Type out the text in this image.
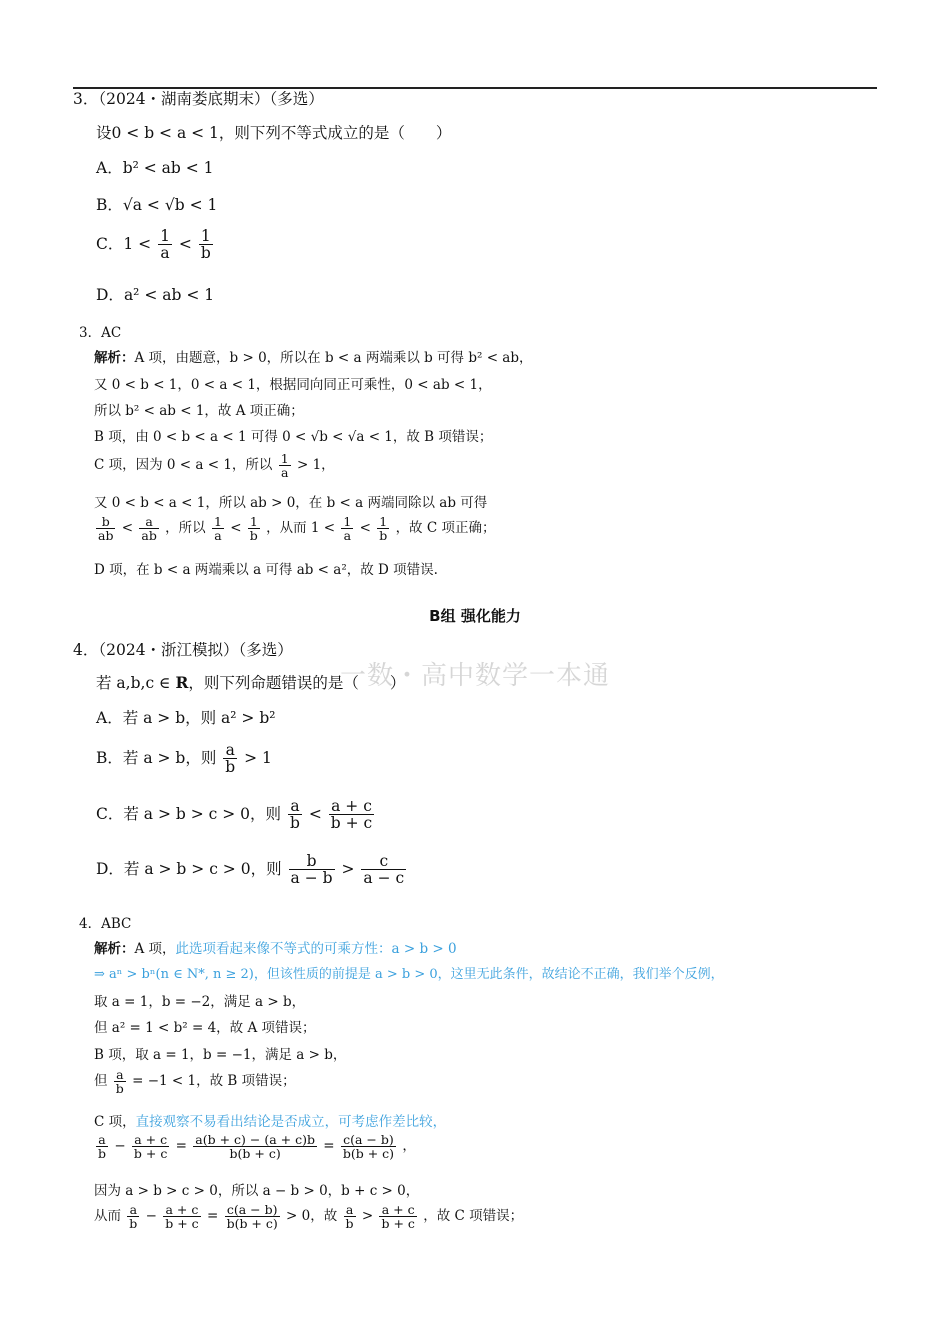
3．（2024・湖南娄底期末）（多选）
设0 < b < a < 1，则下列不等式成立的是（　　）
A．b² < ab < 1
B．√a < √b < 1
C．$1 < \frac{1}{a} < \frac{1}{b}$
D．a² < ab < 1
3．AC
解析：A 项，由题意，b > 0，所以在 b < a 两端乘以 b 可得 b² < ab，
又 0 < b < 1，0 < a < 1，根据同向同正可乘性，0 < ab < 1，
所以 b² < ab < 1，故 A 项正确；
B 项，由 0 < b < a < 1 可得 0 < √b < √a < 1，故 B 项错误；
C 项，因为 0 < a < 1，所以 $\frac{1}{a} > 1$，
又 0 < b < a < 1，所以 ab > 0，在 b < a 两端同除以 ab 可得
$\frac{b}{ab} < \frac{a}{ab}$ ，所以 $\frac{1}{a} < \frac{1}{b}$ ，从而 $1 < \frac{1}{a} < \frac{1}{b}$ ，故 C 项正确；
D 项，在 b < a 两端乘以 a 可得 ab < a²，故 D 项错误.
B组 强化能力
一数・高中数学一本通
4．（2024・浙江模拟）（多选）
若 a,b,c ∈ R，则下列命题错误的是（　　）
A．若 a > b，则 a² > b²
B．若 a > b，则 $\frac{a}{b} > 1$
C．若 a > b > c > 0，则 $\frac{a}{b} < \frac{a + c}{b + c}$
D．若 a > b > c > 0，则 $\frac{b}{a - b} > \frac{c}{a - c}$
4．ABC
解析：A 项，此选项看起来像不等式的可乘方性：a > b > 0
⇒ aⁿ > bⁿ(n ∈ N*, n ≥ 2)，但该性质的前提是 a > b > 0，这里无此条件，故结论不正确，我们举个反例，
取 a = 1，b = −2，满足 a > b，
但 a² = 1 < b² = 4，故 A 项错误；
B 项，取 a = 1，b = −1，满足 a > b，
但 $\frac{a}{b} = -1 < 1$，故 B 项错误；
C 项，直接观察不易看出结论是否成立，可考虑作差比较，
$\frac{a}{b} - \frac{a + c}{b + c} = \frac{a(b + c) - (a + c)b}{b(b + c)} = \frac{c(a - b)}{b(b + c)}$ ，
因为 a > b > c > 0，所以 a − b > 0，b + c > 0，
从而 $\frac{a}{b} - \frac{a + c}{b + c} = \frac{c(a - b)}{b(b + c)} > 0$，故 $\frac{a}{b} > \frac{a + c}{b + c}$ ，故 C 项错误；
